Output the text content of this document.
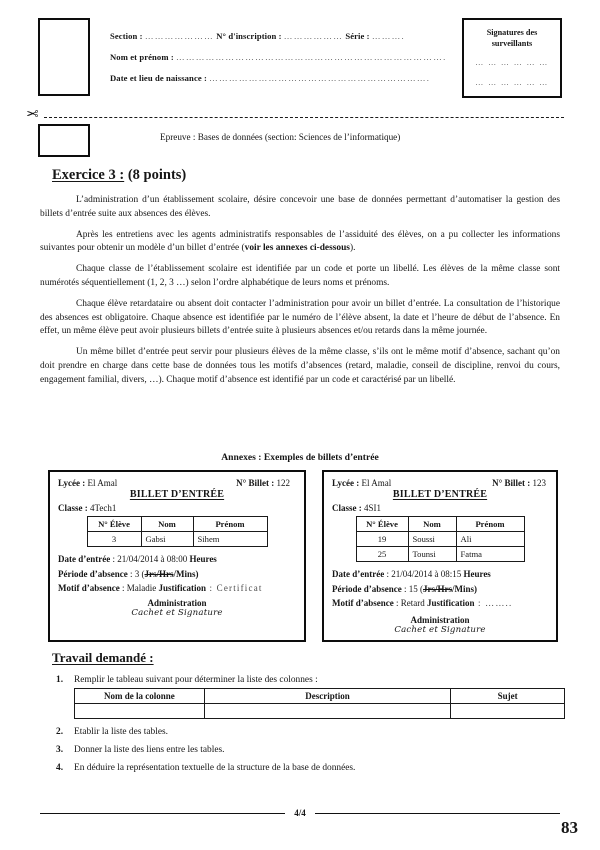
Section : ………………… N° d'inscription : ……………… Série : ……….
Nom et prénom : ……………………………………………………………………….
Date et lieu de naissance : ………………………………………………………….
Signatures des
surveillants
… … … … … …
… … … … … …
✂
Epreuve : Bases de données (section: Sciences de l’informatique)
Exercice 3 : (8 points)

L’administration d’un établissement scolaire, désire concevoir une base de données permettant d’automatiser la gestion des billets d’entrée suite aux absences des élèves.

Après les entretiens avec les agents administratifs responsables de l’assiduité des élèves, on a pu collecter les informations suivantes pour obtenir un modèle d’un billet d’entrée (voir les annexes ci-dessous).

Chaque classe de l’établissement scolaire est identifiée par un code et porte un libellé. Les élèves de la même classe sont numérotés séquentiellement (1, 2, 3 …) selon l’ordre alphabétique de leurs noms et prénoms.

Chaque élève retardataire ou absent doit contacter l’administration pour avoir un billet d’entrée. La consultation de l’historique des absences est obligatoire. Chaque absence est identifiée par le numéro de l’élève absent, la date et l’heure de début de l’absence. En effet, un même élève peut avoir plusieurs billets d’entrée suite à plusieurs absences et/ou retards dans la même journée.

Un même billet d’entrée peut servir pour plusieurs élèves de la même classe, s’ils ont le même motif d’absence, sachant qu’on doit prendre en charge dans cette base de données tous les motifs d’absences (retard, maladie, conseil de discipline, renvoi du cours, engagement familial, divers, …). Chaque motif d’absence est identifié par un code et caractérisé par un libellé.

Annexes : Exemples de billets d’entrée
Lycée : El Amal	N° Billet : 122
BILLET D’ENTRÉE
Classe : 4Tech1
N° Élève	Nom	Prénom
3	Gabsi	Sihem
Date d’entrée : 21/04/2014 à 08:00 Heures
Période d’absence : 3 (Jrs/Hrs/Mins)
Motif d’absence : Maladie Justification : Certificat
Administration
Cachet et Signature
Lycée : El Amal	N° Billet : 123
BILLET D’ENTRÉE
Classe : 4SI1
N° Élève	Nom	Prénom
19	Soussi	Ali
25	Tounsi	Fatma
Date d’entrée : 21/04/2014 à 08:15 Heures
Période d’absence : 15 (Jrs/Hrs/Mins)
Motif d’absence : Retard Justification : ……..
Administration
Cachet et Signature
Travail demandé :
1.	Remplir le tableau suivant pour déterminer la liste des colonnes :
Nom de la colonne	Description	Sujet

2.	Etablir la liste des tables.
3.	Donner la liste des liens entre les tables.
4.	En déduire la représentation textuelle de la structure de la base de données.
4/4
83
